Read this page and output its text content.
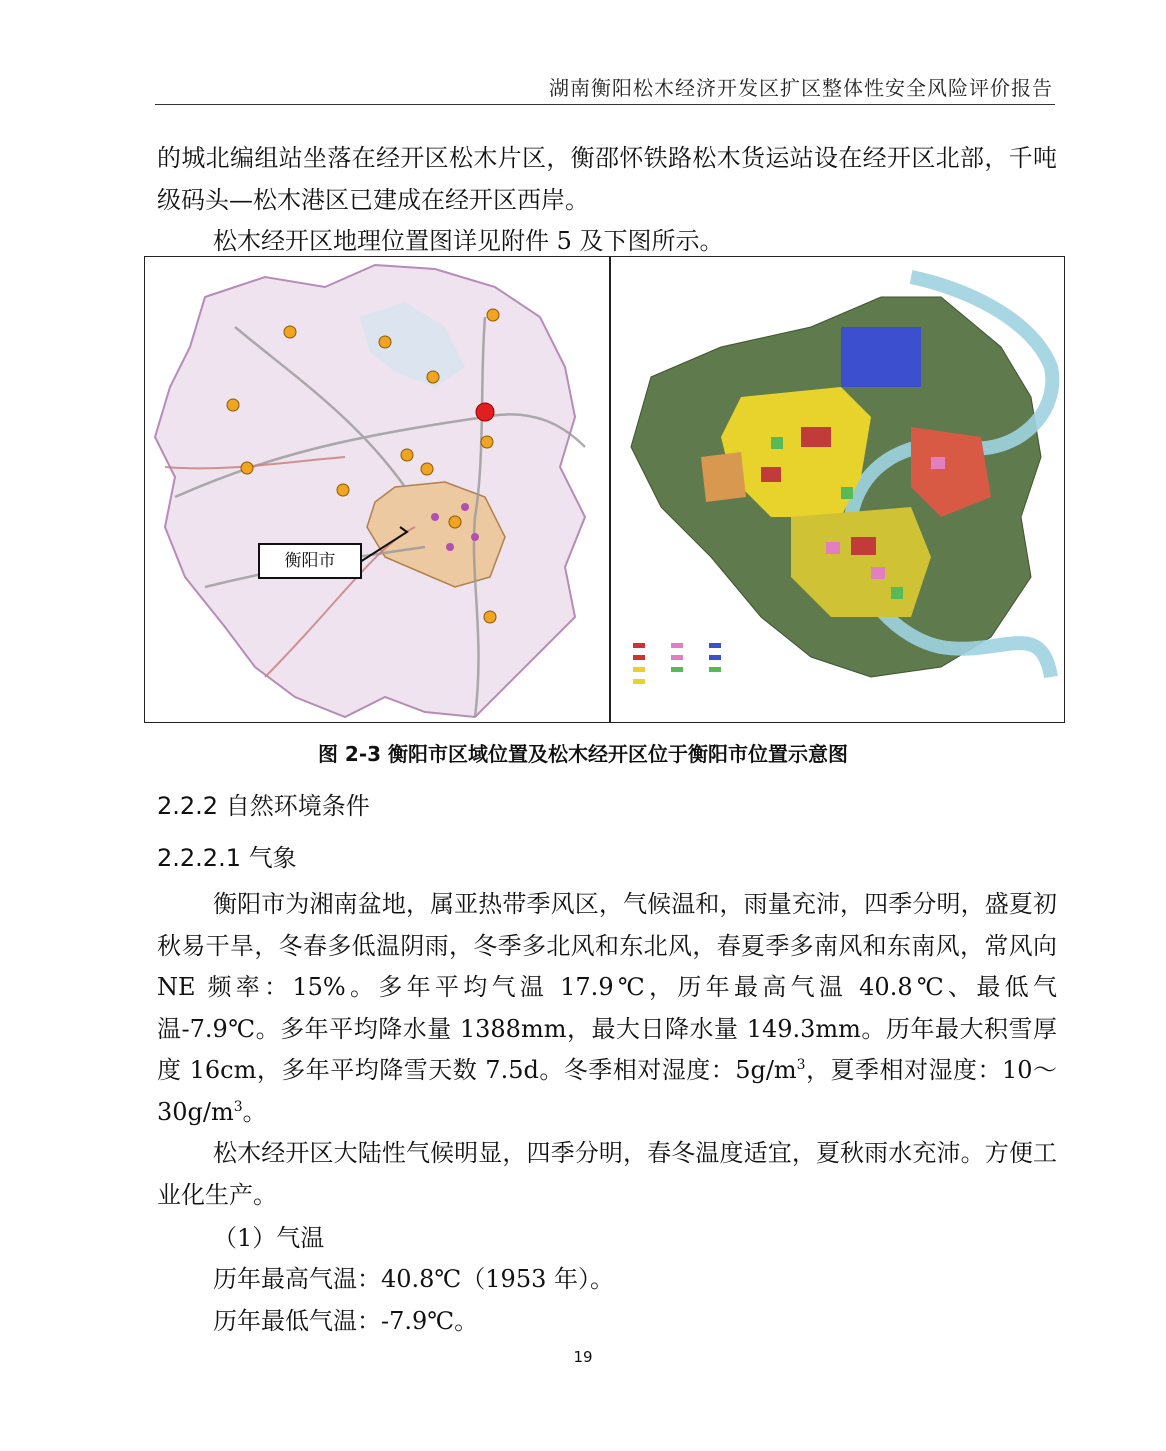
湖南衡阳松木经济开发区扩区整体性安全风险评价报告
的城北编组站坐落在经开区松木片区，衡邵怀铁路松木货运站设在经开区北部，千吨级码头—松木港区已建成在经开区西岸。
松木经开区地理位置图详见附件 5 及下图所示。
衡阳市
图 2-3 衡阳市区域位置及松木经开区位于衡阳市位置示意图
2.2.2 自然环境条件
2.2.2.1 气象
衡阳市为湘南盆地，属亚热带季风区，气候温和，雨量充沛，四季分明，盛夏初秋易干旱，冬春多低温阴雨，冬季多北风和东北风，春夏季多南风和东南风，常风向 NE 频率：15%。多年平均气温 17.9℃，历年最高气温 40.8℃、最低气温-7.9℃。多年平均降水量 1388mm，最大日降水量 149.3mm。历年最大积雪厚度 16cm，多年平均降雪天数 7.5d。冬季相对湿度：$5g/m^3$，夏季相对湿度：$10\sim 30g/m^3$。
松木经开区大陆性气候明显，四季分明，春冬温度适宜，夏秋雨水充沛。方便工业化生产。
（1）气温
历年最高气温：40.8℃（1953 年）。
历年最低气温：-7.9℃。
19
